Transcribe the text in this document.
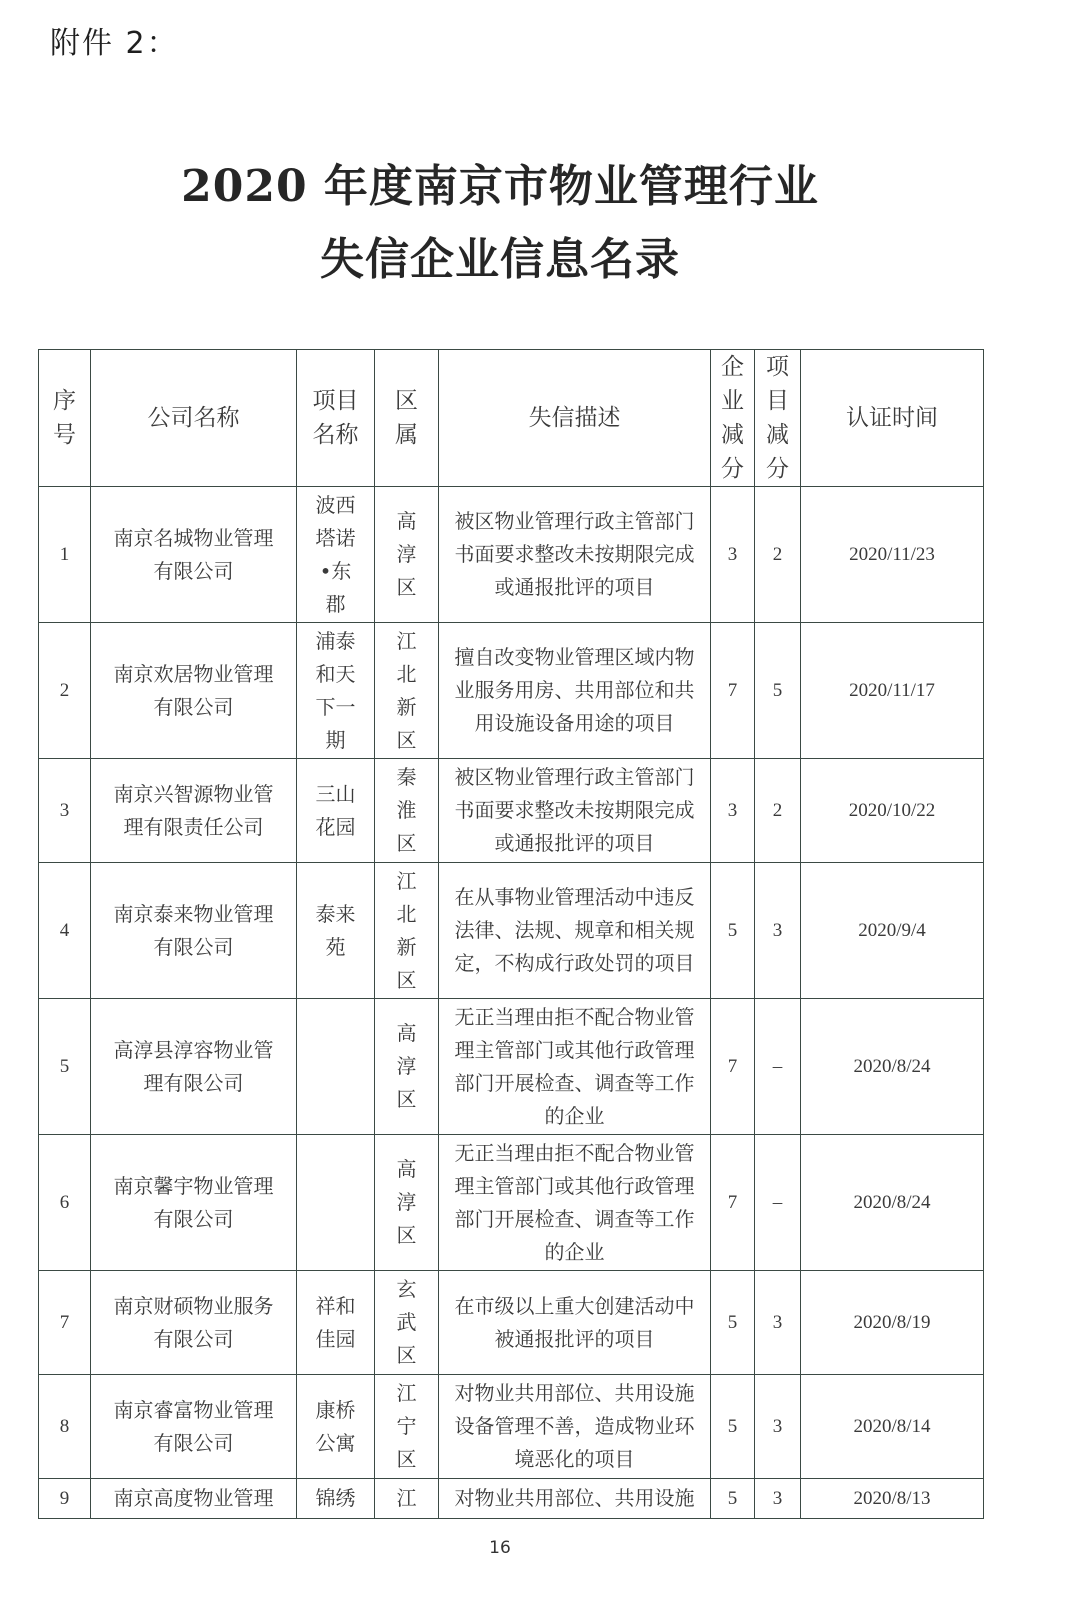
附件 2：
2020 年度南京市物业管理行业
失信企业信息名录
序号	公司名称	项目名称	区属	失信描述	企业减分	项目减分	认证时间
1	南京名城物业管理有限公司	波西塔诺•东郡	高淳区	被区物业管理行政主管部门书面要求整改未按期限完成或通报批评的项目	3	2	2020/11/23
2	南京欢居物业管理有限公司	浦泰和天下一期	江北新区	擅自改变物业管理区域内物业服务用房、共用部位和共用设施设备用途的项目	7	5	2020/11/17
3	南京兴智源物业管理有限责任公司	三山花园	秦淮区	被区物业管理行政主管部门书面要求整改未按期限完成或通报批评的项目	3	2	2020/10/22
4	南京泰来物业管理有限公司	泰来苑	江北新区	在从事物业管理活动中违反法律、法规、规章和相关规定，不构成行政处罚的项目	5	3	2020/9/4
5	高淳县淳容物业管理有限公司		高淳区	无正当理由拒不配合物业管理主管部门或其他行政管理部门开展检查、调查等工作的企业	7	–	2020/8/24
6	南京馨宇物业管理有限公司		高淳区	无正当理由拒不配合物业管理主管部门或其他行政管理部门开展检查、调查等工作的企业	7	–	2020/8/24
7	南京财硕物业服务有限公司	祥和佳园	玄武区	在市级以上重大创建活动中被通报批评的项目	5	3	2020/8/19
8	南京睿富物业管理有限公司	康桥公寓	江宁区	对物业共用部位、共用设施设备管理不善，造成物业环境恶化的项目	5	3	2020/8/14
9	南京高度物业管理	锦绣	江	对物业共用部位、共用设施	5	3	2020/8/13
16
